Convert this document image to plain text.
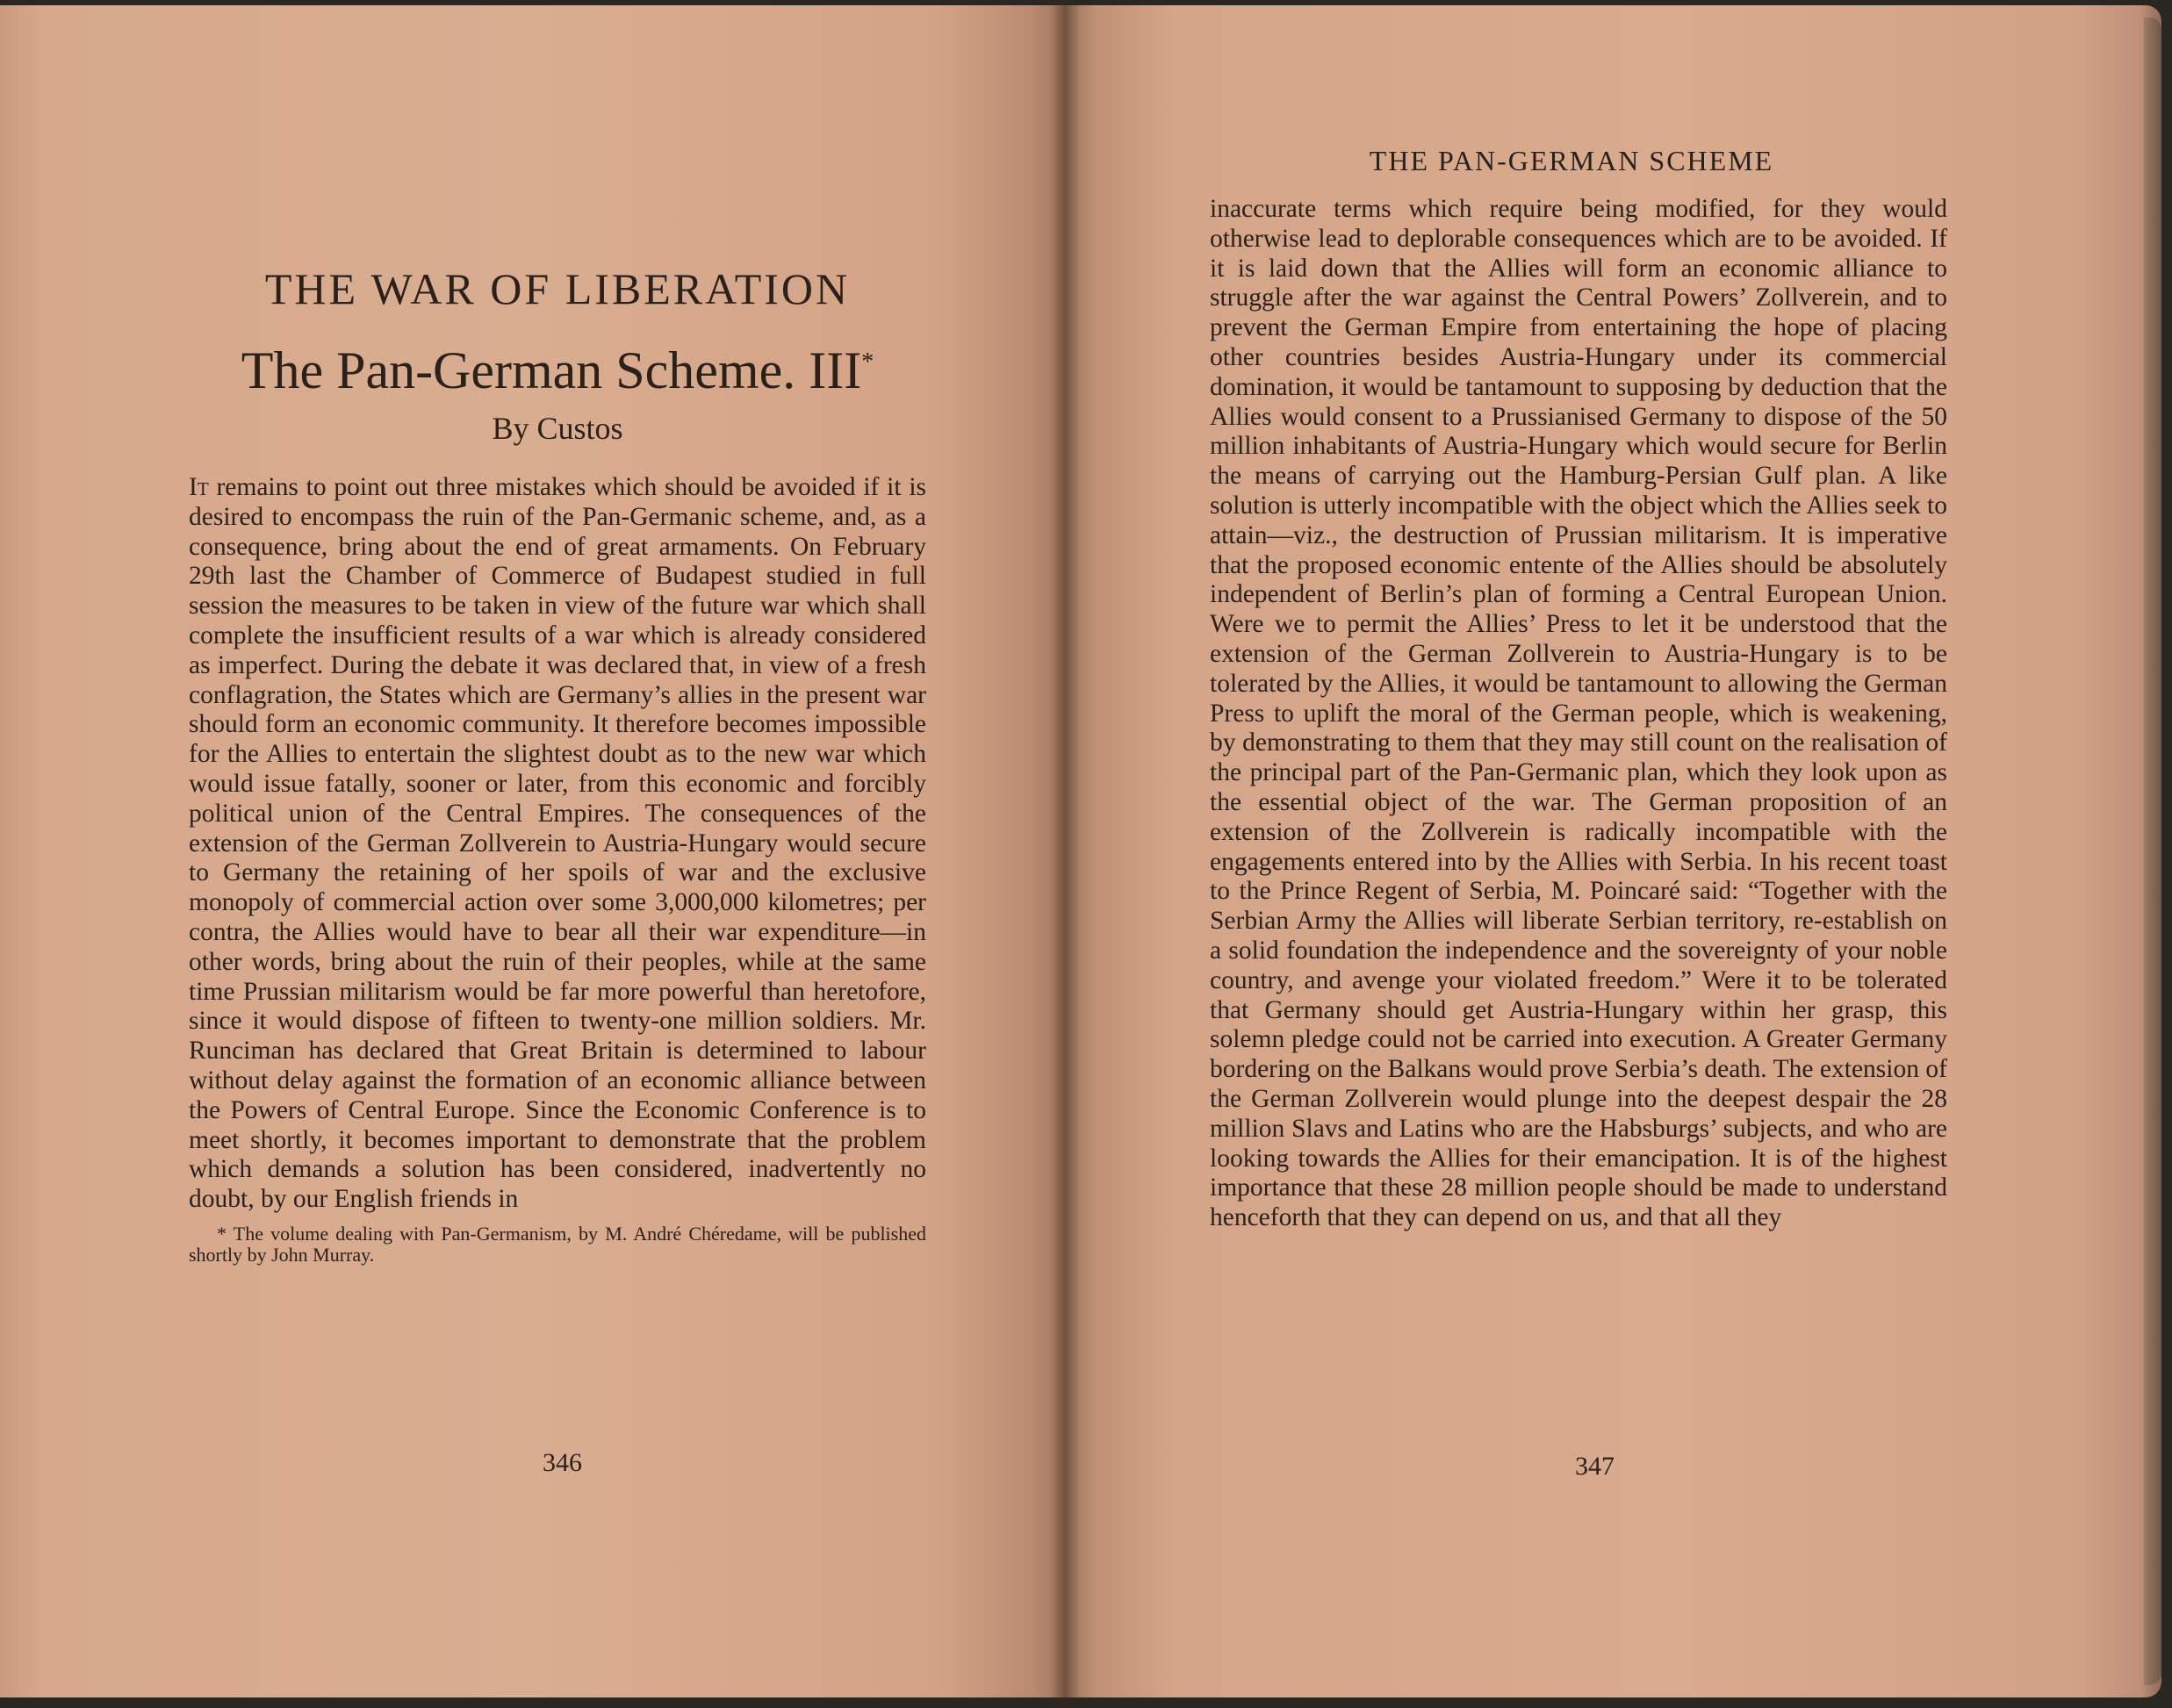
THE WAR OF LIBERATION
The Pan-German Scheme. III*
By Custos

It remains to point out three mistakes which should be avoided if it is desired to encompass the ruin of the Pan-Germanic scheme, and, as a consequence, bring about the end of great armaments. On February 29th last the Chamber of Commerce of Budapest studied in full session the measures to be taken in view of the future war which shall complete the insufficient results of a war which is already considered as imperfect. During the debate it was declared that, in view of a fresh conflagration, the States which are Germany’s allies in the present war should form an economic community. It therefore becomes impossible for the Allies to entertain the slightest doubt as to the new war which would issue fatally, sooner or later, from this economic and forcibly political union of the Central Empires. The consequences of the extension of the German Zollverein to Austria-Hungary would secure to Germany the retaining of her spoils of war and the exclusive monopoly of commercial action over some 3,000,000 kilometres; per contra, the Allies would have to bear all their war expenditure—in other words, bring about the ruin of their peoples, while at the same time Prussian militarism would be far more powerful than heretofore, since it would dispose of fifteen to twenty-one million soldiers. Mr. Runciman has declared that Great Britain is determined to labour without delay against the formation of an economic alliance between the Powers of Central Europe. Since the Economic Conference is to meet shortly, it becomes important to demonstrate that the problem which demands a solution has been considered, inadvertently no doubt, by our English friends in

* The volume dealing with Pan-Germanism, by M. André Chéredame, will be published shortly by John Murray.
346
THE PAN-GERMAN SCHEME

inaccurate terms which require being modified, for they would otherwise lead to deplorable consequences which are to be avoided. If it is laid down that the Allies will form an economic alliance to struggle after the war against the Central Powers’ Zollverein, and to prevent the German Empire from entertaining the hope of placing other countries besides Austria-Hungary under its commercial domination, it would be tantamount to supposing by deduction that the Allies would consent to a Prussianised Germany to dispose of the 50 million inhabitants of Austria-Hungary which would secure for Berlin the means of carrying out the Hamburg-Persian Gulf plan. A like solution is utterly incompatible with the object which the Allies seek to attain—viz., the destruction of Prussian militarism. It is imperative that the proposed economic entente of the Allies should be absolutely independent of Berlin’s plan of forming a Central European Union. Were we to permit the Allies’ Press to let it be understood that the extension of the German Zollverein to Austria-Hungary is to be tolerated by the Allies, it would be tantamount to allowing the German Press to uplift the moral of the German people, which is weakening, by demonstrating to them that they may still count on the realisation of the principal part of the Pan-Germanic plan, which they look upon as the essential object of the war. The German proposition of an extension of the Zollverein is radically incompatible with the engagements entered into by the Allies with Serbia. In his recent toast to the Prince Regent of Serbia, M. Poincaré said: “Together with the Serbian Army the Allies will liberate Serbian territory, re-establish on a solid foundation the independence and the sovereignty of your noble country, and avenge your violated freedom.” Were it to be tolerated that Germany should get Austria-Hungary within her grasp, this solemn pledge could not be carried into execution. A Greater Germany bordering on the Balkans would prove Serbia’s death. The extension of the German Zollverein would plunge into the deepest despair the 28 million Slavs and Latins who are the Habsburgs’ subjects, and who are looking towards the Allies for their emancipation. It is of the highest importance that these 28 million people should be made to understand henceforth that they can depend on us, and that all they

347
